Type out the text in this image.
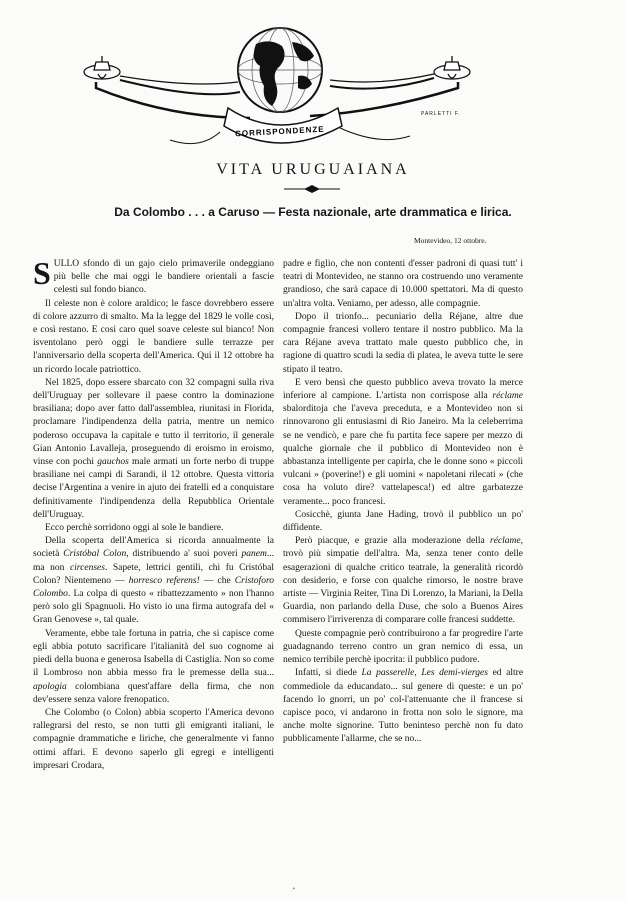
CORRISPONDENZE
PARLETTI F.
VITA URUGUAIANA
Da Colombo . . . a Caruso — Festa nazionale, arte drammatica e lirica.
Montevideo, 12 ottobre.

SULLO sfondo di un gajo cielo primaverile ondeggiano più belle che mai oggi le bandiere orientali a fascie celesti sul fondo bianco.

Il celeste non è colore araldico; le fasce dovrebbero essere di colore azzurro di smalto. Ma la legge del 1829 le volle così, e così restano. E così caro quel soave celeste sul bianco! Non isventolano però oggi le bandiere sulle terrazze per l'anniversario della scoperta dell'America. Qui il 12 ottobre ha un ricordo locale patriottico.

Nel 1825, dopo essere sbarcato con 32 compagni sulla riva dell'Uruguay per sollevare il paese contro la dominazione brasiliana; dopo aver fatto dall'assemblea, riunitasi in Florida, proclamare l'indipendenza della patria, mentre un nemico poderoso occupava la capitale e tutto il territorio, il generale Gian Antonio Lavalleja, proseguendo di eroismo in eroismo, vinse con pochi gauchos male armati un forte nerbo di truppe brasiliane nei campi di Sarandi, il 12 ottobre. Questa vittoria decise l'Argentina a venire in ajuto dei fratelli ed a conquistare definitivamente l'indipendenza della Repubblica Orientale dell'Uruguay.

Ecco perchè sorridono oggi al sole le bandiere.

Della scoperta dell'America si ricorda annualmente la società Cristóbal Colon, distribuendo a' suoi poveri panem... ma non circenses. Sapete, lettrici gentili, chi fu Cristóbal Colon? Nientemeno — horresco referens! — che Cristoforo Colombo. La colpa di questo « ribattezzamento » non l'hanno però solo gli Spagnuoli. Ho visto io una firma autografa del « Gran Genovese », tal quale.

Veramente, ebbe tale fortuna in patria, che si capisce come egli abbia potuto sacrificare l'italianità del suo cognome ai piedi della buona e generosa Isabella di Castiglia. Non so come il Lombroso non abbia messo fra le premesse della sua... apologia colombiana quest'affare della firma, che non dev'essere senza valore frenopatico.

Che Colombo (o Colon) abbia scoperto l'America devono rallegrarsi del resto, se non tutti gli emigranti italiani, le compagnie drammatiche e liriche, che generalmente vi fanno ottimi affari. E devono saperlo gli egregi e intelligenti impresari Crodara,

padre e figlio, che non contenti d'esser padroni di quasi tutt' i teatri di Montevideo, ne stanno ora costruendo uno veramente grandioso, che sarà capace di 10.000 spettatori. Ma di questo un'altra volta. Veniamo, per adesso, alle compagnie.

Dopo il trionfo... pecuniario della Réjane, altre due compagnie francesi vollero tentare il nostro pubblico. Ma la cara Réjane aveva trattato male questo pubblico che, in ragione di quattro scudi la sedia di platea, le aveva tutte le sere stipato il teatro.

E vero bensì che questo pubblico aveva trovato la merce inferiore al campione. L'artista non corrispose alla réclame sbalorditoja che l'aveva preceduta, e a Montevideo non si rinnovarono gli entusiasmi di Rio Janeiro. Ma la celeberrima se ne vendicò, e pare che fu partita fece sapere per mezzo di qualche giornale che il pubblico di Montevideo non è abbastanza intelligente per capirla, che le donne sono « piccoli vulcani » (poverine!) e gli uomini « napoletani rilecati » (che cosa ha voluto dire? vattelapesca!) ed altre garbatezze veramente... poco francesi.

Cosicchè, giunta Jane Hading, trovò il pubblico un po' diffidente.

Però piacque, e grazie alla moderazione della réclame, trovò più simpatie dell'altra. Ma, senza tener conto delle esagerazioni di qualche critico teatrale, la generalità ricordò con desiderio, e forse con qualche rimorso, le nostre brave artiste — Virginia Reiter, Tina Di Lorenzo, la Mariani, la Della Guardia, non parlando della Duse, che solo a Buenos Aires commisero l'irriverenza di comparare colle francesi suddette.

Queste compagnie però contribuirono a far progredire l'arte guadagnando terreno contro un gran nemico di essa, un nemico terribile perchè ipocrita: il pubblico pudore.

Infatti, si diede La passerelle, Les demi-vierges ed altre commediole da educandato... sul genere di queste: e un po' facendo lo gnorri, un po' col-l'attenuante che il francese si capisce poco, vi andarono in frotta non solo le signore, ma anche molte signorine. Tutto beninteso perchè non fu dato pubblicamente l'allarme, che se no...

•
